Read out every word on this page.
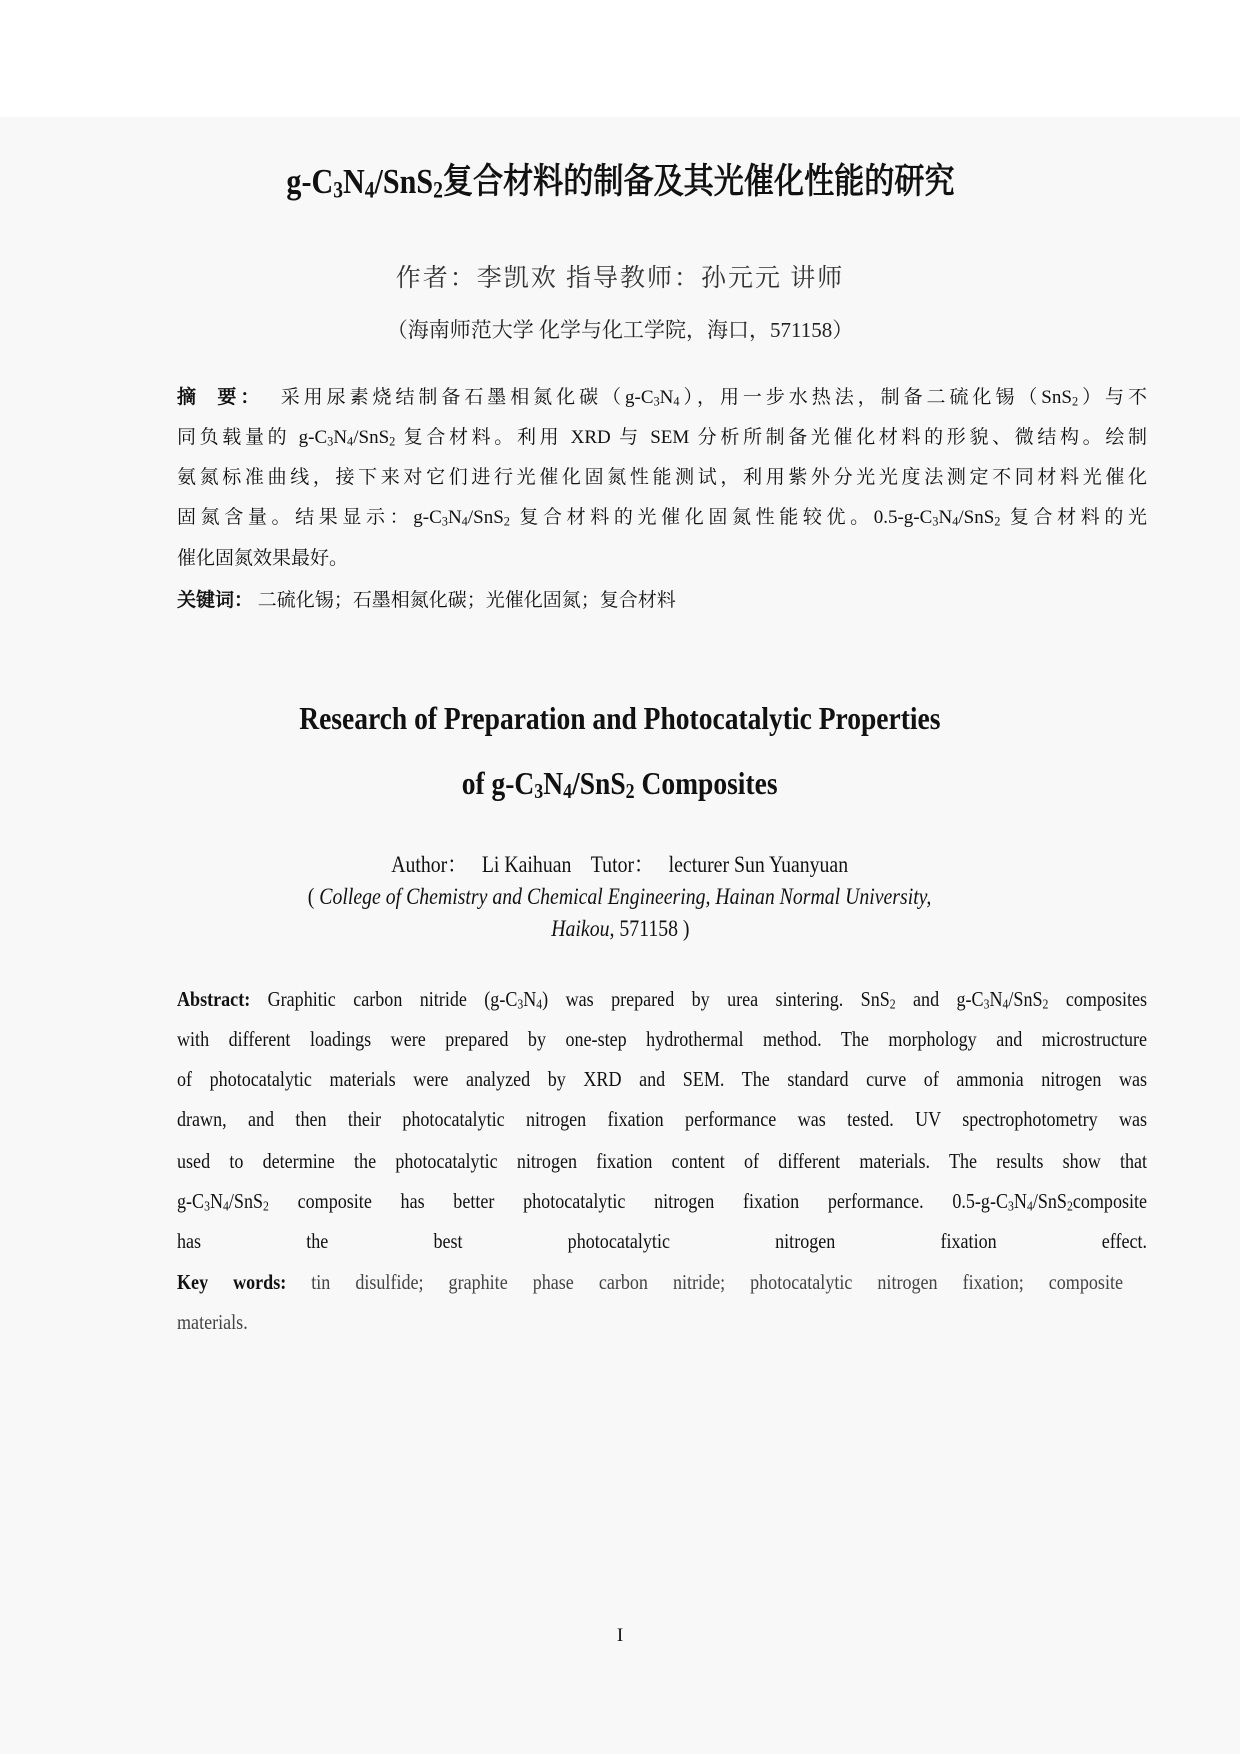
$g-C_3N_4/SnS_2$复合材料的制备及其光催化性能的研究
作者：李凯欢 指导教师：孙元元 讲师
（海南师范大学 化学与化工学院，海口，571158）
摘  要：  采用尿素烧结制备石墨相氮化碳$(g-C_3N_4)$，用一步水热法，制备二硫化锡（SnS$_2$）与不
同负载量的 $g-C_3N_4/SnS_2$ 复合材料。利用 XRD 与 SEM 分析所制备光催化材料的形貌、微结构。绘制
氨氮标准曲线，接下来对它们进行光催化固氮性能测试，利用紫外分光光度法测定不同材料光催化
固氮含量。结果显示：$g-C_3N_4/SnS_2$ 复合材料的光催化固氮性能较优。$0.5-g-C_3N_4/SnS_2$ 复合材料的光
催化固氮效果最好。
关键词： 二硫化锡；石墨相氮化碳；光催化固氮；复合材料
Research of Preparation and Photocatalytic Properties
of $g-C_3N_4/SnS_2$ Composites
Author：   Li Kaihuan    Tutor：   lecturer Sun Yuanyuan
( College of Chemistry and Chemical Engineering, Hainan Normal University,
Haikou, 571158 )
Abstract: Graphitic carbon nitride $(g-C_3N_4)$ was prepared by urea sintering. SnS$_2$ and $g-C_3N_4/SnS_2$ composites
with different loadings were prepared by one-step hydrothermal method. The morphology and microstructure
of photocatalytic materials were analyzed by XRD and SEM. The standard curve of ammonia nitrogen was
drawn, and then their photocatalytic nitrogen fixation performance was tested. UV spectrophotometry was
used to determine the photocatalytic nitrogen fixation content of different materials. The results show that
$g-C_3N_4/SnS_2$ composite has better photocatalytic nitrogen fixation performance. $0.5-g-C_3N_4/SnS_2composite$
has the best photocatalytic nitrogen fixation effect.
Key words: tin disulfide; graphite phase carbon nitride; photocatalytic nitrogen fixation; composite
materials.
I
